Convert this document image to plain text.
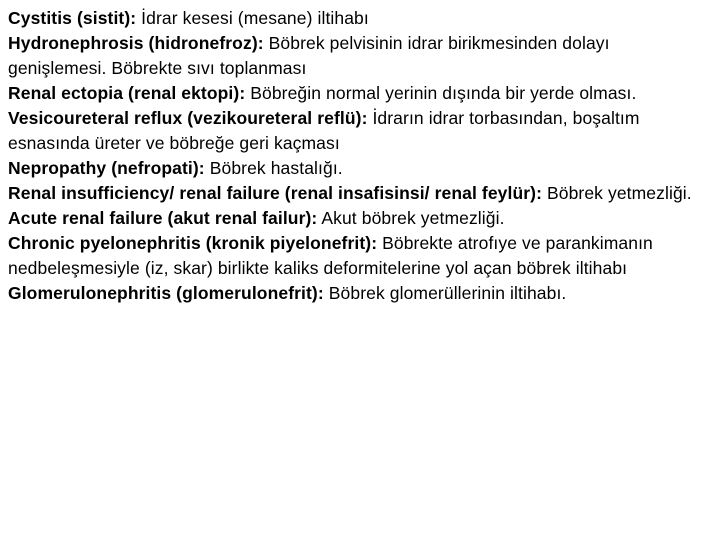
Cystitis (sistit): İdrar kesesi (mesane) iltihabı
Hydronephrosis (hidronefroz): Böbrek pelvisinin idrar birikmesinden dolayı genişlemesi. Böbrekte sıvı toplanması
Renal ectopia (renal ektopi): Böbreğin normal yerinin dışında bir yerde olması.
Vesicoureteral reflux (vezikoureteral reflü): İdrarın idrar torbasından, boşaltım esnasında üreter ve böbreğe geri kaçması
Nepropathy (nefropati): Böbrek hastalığı.
Renal insufficiency/ renal failure (renal insafisinsi/ renal feylür): Böbrek yetmezliği.
Acute renal failure (akut renal failur): Akut böbrek yetmezliği.
Chronic pyelonephritis (kronik piyelonefrit): Böbrekte atrofıye ve parankimanın nedbeleşmesiyle (iz, skar) birlikte kaliks deformitelerine yol açan böbrek iltihabı
Glomerulonephritis (glomerulonefrit): Böbrek glomerüllerinin iltihabı.
